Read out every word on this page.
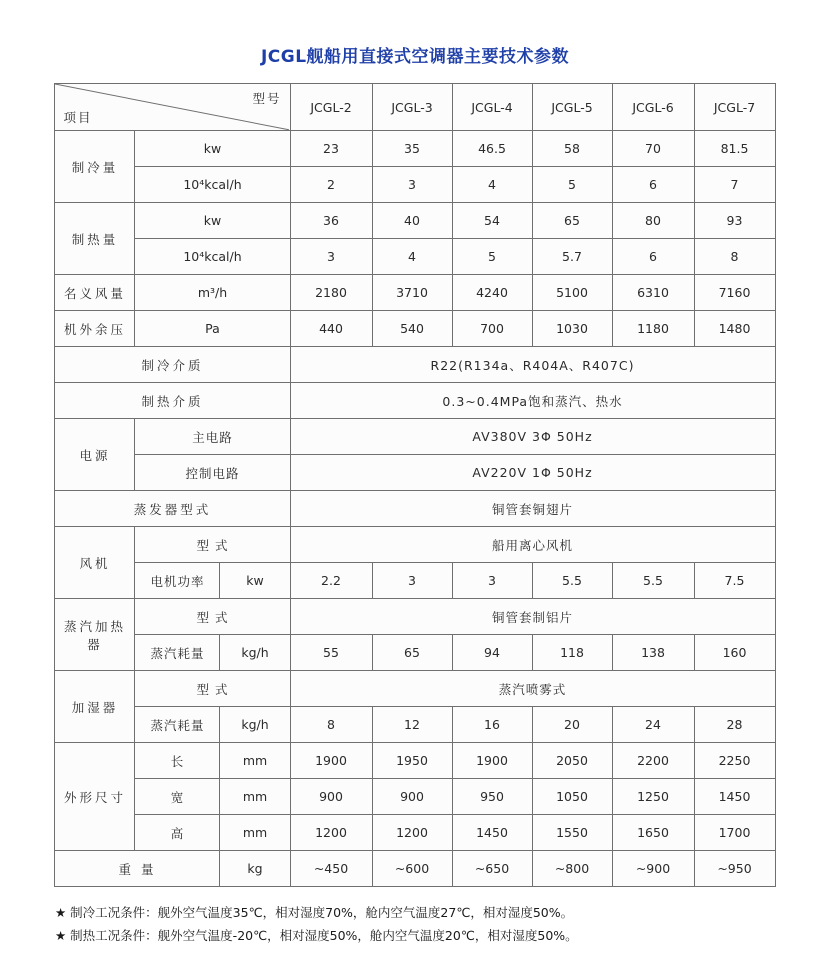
JCGL舰船用直接式空调器主要技术参数
项目
型号			JCGL-2	JCGL-3	JCGL-4	JCGL-5	JCGL-6	JCGL-7
制冷量	kw		23	35	46.5	58	70	81.5
	10⁴kcal/h		2	3	4	5	6	7
制热量	kw		36	40	54	65	80	93
	10⁴kcal/h		3	4	5	5.7	6	8
名义风量	m³/h		2180	3710	4240	5100	6310	7160
机外余压	Pa		440	540	700	1030	1180	1480
制冷介质			R22(R134a、R404A、R407C)					
制热介质			0.3~0.4MPa饱和蒸汽、热水					
电源	主电路		AV380V 3Φ 50Hz					
	控制电路		AV220V 1Φ 50Hz					
蒸发器型式			铜管套铜翅片					
风机	型 式		船用离心风机					
	电机功率	kw	2.2	3	3	5.5	5.5	7.5
蒸汽加热器	型 式		铜管套制铝片					
	蒸汽耗量	kg/h	55	65	94	118	138	160
加湿器	型 式		蒸汽喷雾式					
	蒸汽耗量	kg/h	8	12	16	20	24	28
外形尺寸	长	mm	1900	1950	1900	2050	2200	2250
	宽	mm	900	900	950	1050	1250	1450
	高	mm	1200	1200	1450	1550	1650	1700
重 量		kg	~450	~600	~650	~800	~900	~950
★ 制冷工况条件：舰外空气温度35℃，相对湿度70%，舱内空气温度27℃，相对湿度50%。
★ 制热工况条件：舰外空气温度-20℃，相对湿度50%，舱内空气温度20℃，相对湿度50%。
